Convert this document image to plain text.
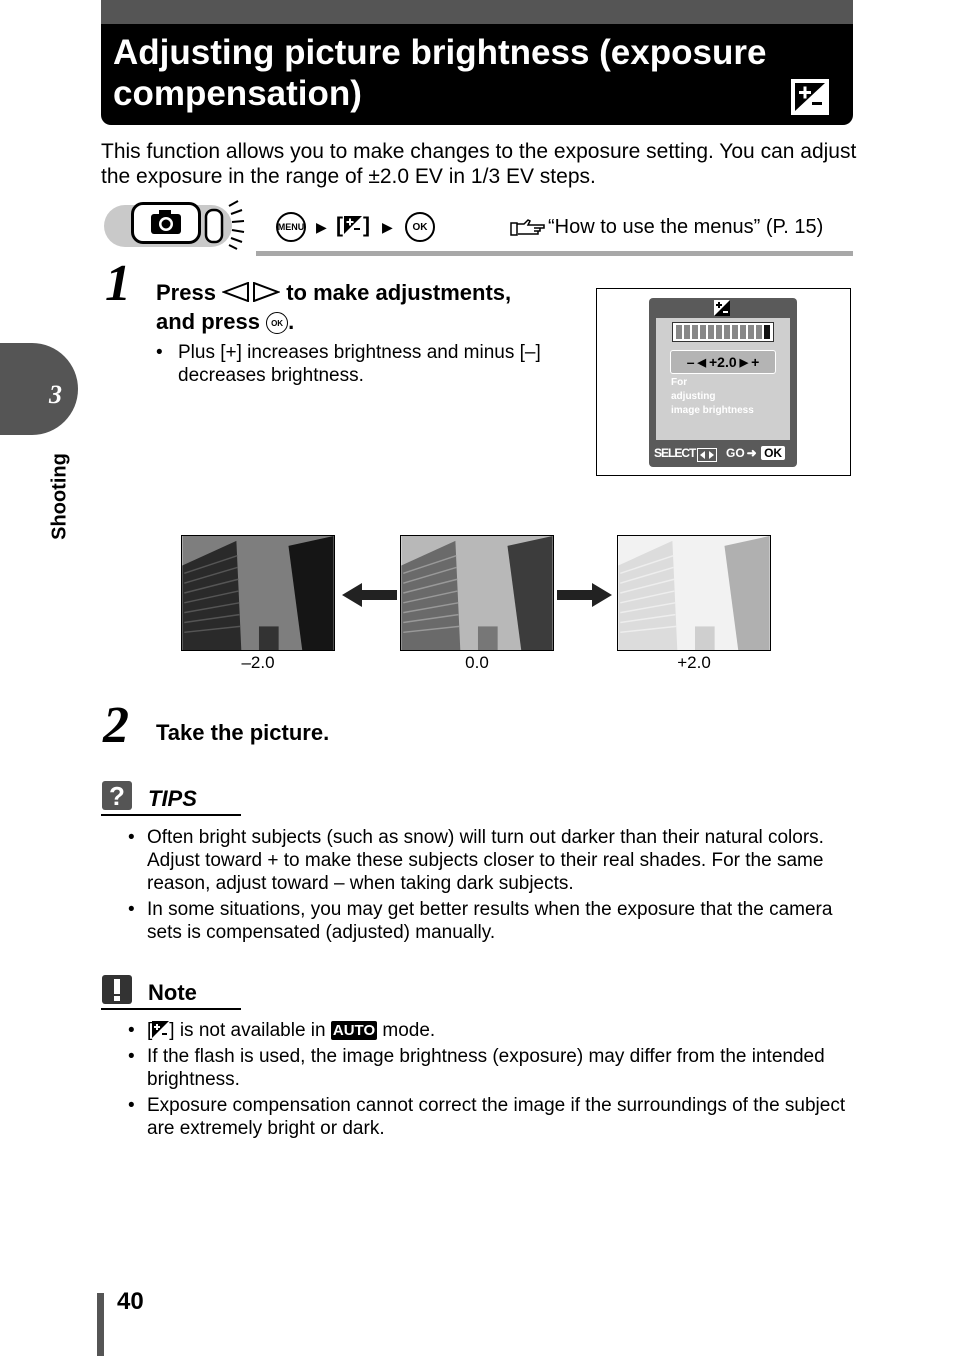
Adjusting picture brightness (exposure compensation)
This function allows you to make changes to the exposure setting. You can adjust the exposure in the range of ±2.0 EV in 1/3 EV steps.
MENU ▶ [ ] ▶	OK	“How to use the menus” (P. 15)
1 Press	to make adjustments,
and press OK .
• Plus [+] increases brightness and minus [–] decreases brightness.
– ◀ +2.0 ▶ +
For
adjusting
image brightness
SELECT	GO ➜ OK
–2.0	0.0	+2.0
2 Take the picture.
? TIPS
• Often bright subjects (such as snow) will turn out darker than their natural colors. Adjust toward + to make these subjects closer to their real shades. For the same reason, adjust toward – when taking dark subjects.
• In some situations, you may get better results when the exposure that the camera sets is compensated (adjusted) manually.
Note
• [ ] is not available in AUTO mode.
• If the flash is used, the image brightness (exposure) may differ from the intended brightness.
• Exposure compensation cannot correct the image if the surroundings of the subject are extremely bright or dark.
3
Shooting
40
